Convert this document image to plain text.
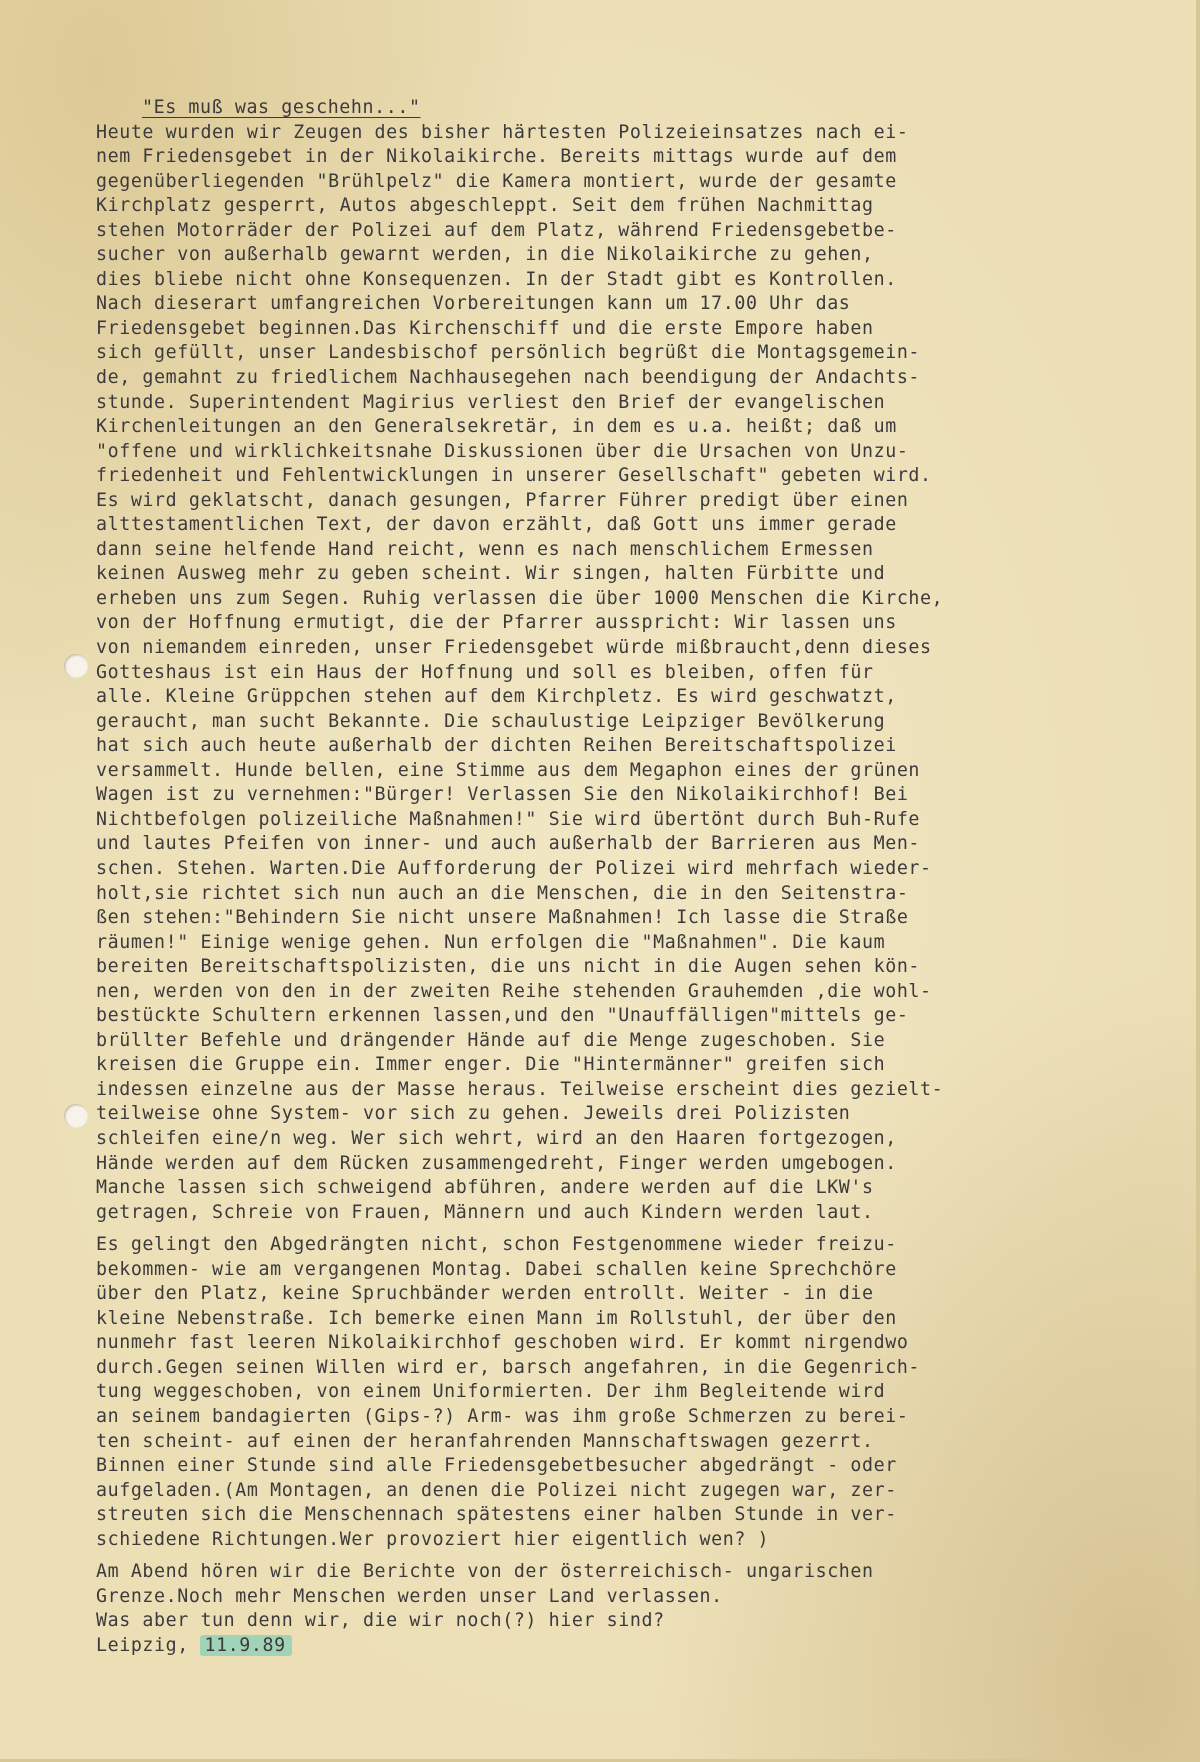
"Es muß was geschehn..."
Heute wurden wir Zeugen des bisher härtesten Polizeieinsatzes nach ei-
nem Friedensgebet in der Nikolaikirche. Bereits mittags wurde auf dem
gegenüberliegenden "Brühlpelz" die Kamera montiert, wurde der gesamte
Kirchplatz gesperrt, Autos abgeschleppt. Seit dem frühen Nachmittag
stehen Motorräder der Polizei auf dem Platz, während Friedensgebetbe-
sucher von außerhalb gewarnt werden, in die Nikolaikirche zu gehen,
dies bliebe nicht ohne Konsequenzen. In der Stadt gibt es Kontrollen.
Nach dieserart umfangreichen Vorbereitungen kann um 17.00 Uhr das
Friedensgebet beginnen.Das Kirchenschiff und die erste Empore haben
sich gefüllt, unser Landesbischof persönlich begrüßt die Montagsgemein-
de, gemahnt zu friedlichem Nachhausegehen nach beendigung der Andachts-
stunde. Superintendent Magirius verliest den Brief der evangelischen
Kirchenleitungen an den Generalsekretär, in dem es u.a. heißt; daß um
"offene und wirklichkeitsnahe Diskussionen über die Ursachen von Unzu-
friedenheit und Fehlentwicklungen in unserer Gesellschaft" gebeten wird.
Es wird geklatscht, danach gesungen, Pfarrer Führer predigt über einen
alttestamentlichen Text, der davon erzählt, daß Gott uns immer gerade
dann seine helfende Hand reicht, wenn es nach menschlichem Ermessen
keinen Ausweg mehr zu geben scheint. Wir singen, halten Fürbitte und
erheben uns zum Segen. Ruhig verlassen die über 1000 Menschen die Kirche,
von der Hoffnung ermutigt, die der Pfarrer ausspricht: Wir lassen uns
von niemandem einreden, unser Friedensgebet würde mißbraucht,denn dieses
Gotteshaus ist ein Haus der Hoffnung und soll es bleiben, offen für
alle. Kleine Grüppchen stehen auf dem Kirchpletz. Es wird geschwatzt,
geraucht, man sucht Bekannte. Die schaulustige Leipziger Bevölkerung
hat sich auch heute außerhalb der dichten Reihen Bereitschaftspolizei
versammelt. Hunde bellen, eine Stimme aus dem Megaphon eines der grünen
Wagen ist zu vernehmen:"Bürger! Verlassen Sie den Nikolaikirchhof! Bei
Nichtbefolgen polizeiliche Maßnahmen!" Sie wird übertönt durch Buh-Rufe
und lautes Pfeifen von inner- und auch außerhalb der Barrieren aus Men-
schen. Stehen. Warten.Die Aufforderung der Polizei wird mehrfach wieder-
holt,sie richtet sich nun auch an die Menschen, die in den Seitenstra-
ßen stehen:"Behindern Sie nicht unsere Maßnahmen! Ich lasse die Straße
räumen!" Einige wenige gehen. Nun erfolgen die "Maßnahmen". Die kaum
bereiten Bereitschaftspolizisten, die uns nicht in die Augen sehen kön-
nen, werden von den in der zweiten Reihe stehenden Grauhemden ,die wohl-
bestückte Schultern erkennen lassen,und den "Unauffälligen"mittels ge-
brüllter Befehle und drängender Hände auf die Menge zugeschoben. Sie
kreisen die Gruppe ein. Immer enger. Die "Hintermänner" greifen sich
indessen einzelne aus der Masse heraus. Teilweise erscheint dies gezielt-
teilweise ohne System- vor sich zu gehen. Jeweils drei Polizisten
schleifen eine/n weg. Wer sich wehrt, wird an den Haaren fortgezogen,
Hände werden auf dem Rücken zusammengedreht, Finger werden umgebogen.
Manche lassen sich schweigend abführen, andere werden auf die LKW's
getragen, Schreie von Frauen, Männern und auch Kindern werden laut.
Es gelingt den Abgedrängten nicht, schon Festgenommene wieder freizu-
bekommen- wie am vergangenen Montag. Dabei schallen keine Sprechchöre
über den Platz, keine Spruchbänder werden entrollt. Weiter - in die
kleine Nebenstraße. Ich bemerke einen Mann im Rollstuhl, der über den
nunmehr fast leeren Nikolaikirchhof geschoben wird. Er kommt nirgendwo
durch.Gegen seinen Willen wird er, barsch angefahren, in die Gegenrich-
tung weggeschoben, von einem Uniformierten. Der ihm Begleitende wird
an seinem bandagierten (Gips-?) Arm- was ihm große Schmerzen zu berei-
ten scheint- auf einen der heranfahrenden Mannschaftswagen gezerrt.
Binnen einer Stunde sind alle Friedensgebetbesucher abgedrängt - oder
aufgeladen.(Am Montagen, an denen die Polizei nicht zugegen war, zer-
streuten sich die Menschennach spätestens einer halben Stunde in ver-
schiedene Richtungen.Wer provoziert hier eigentlich wen? )
Am Abend hören wir die Berichte von der österreichisch- ungarischen
Grenze.Noch mehr Menschen werden unser Land verlassen.
Was aber tun denn wir, die wir noch(?) hier sind?
Leipzig, 11.9.89
